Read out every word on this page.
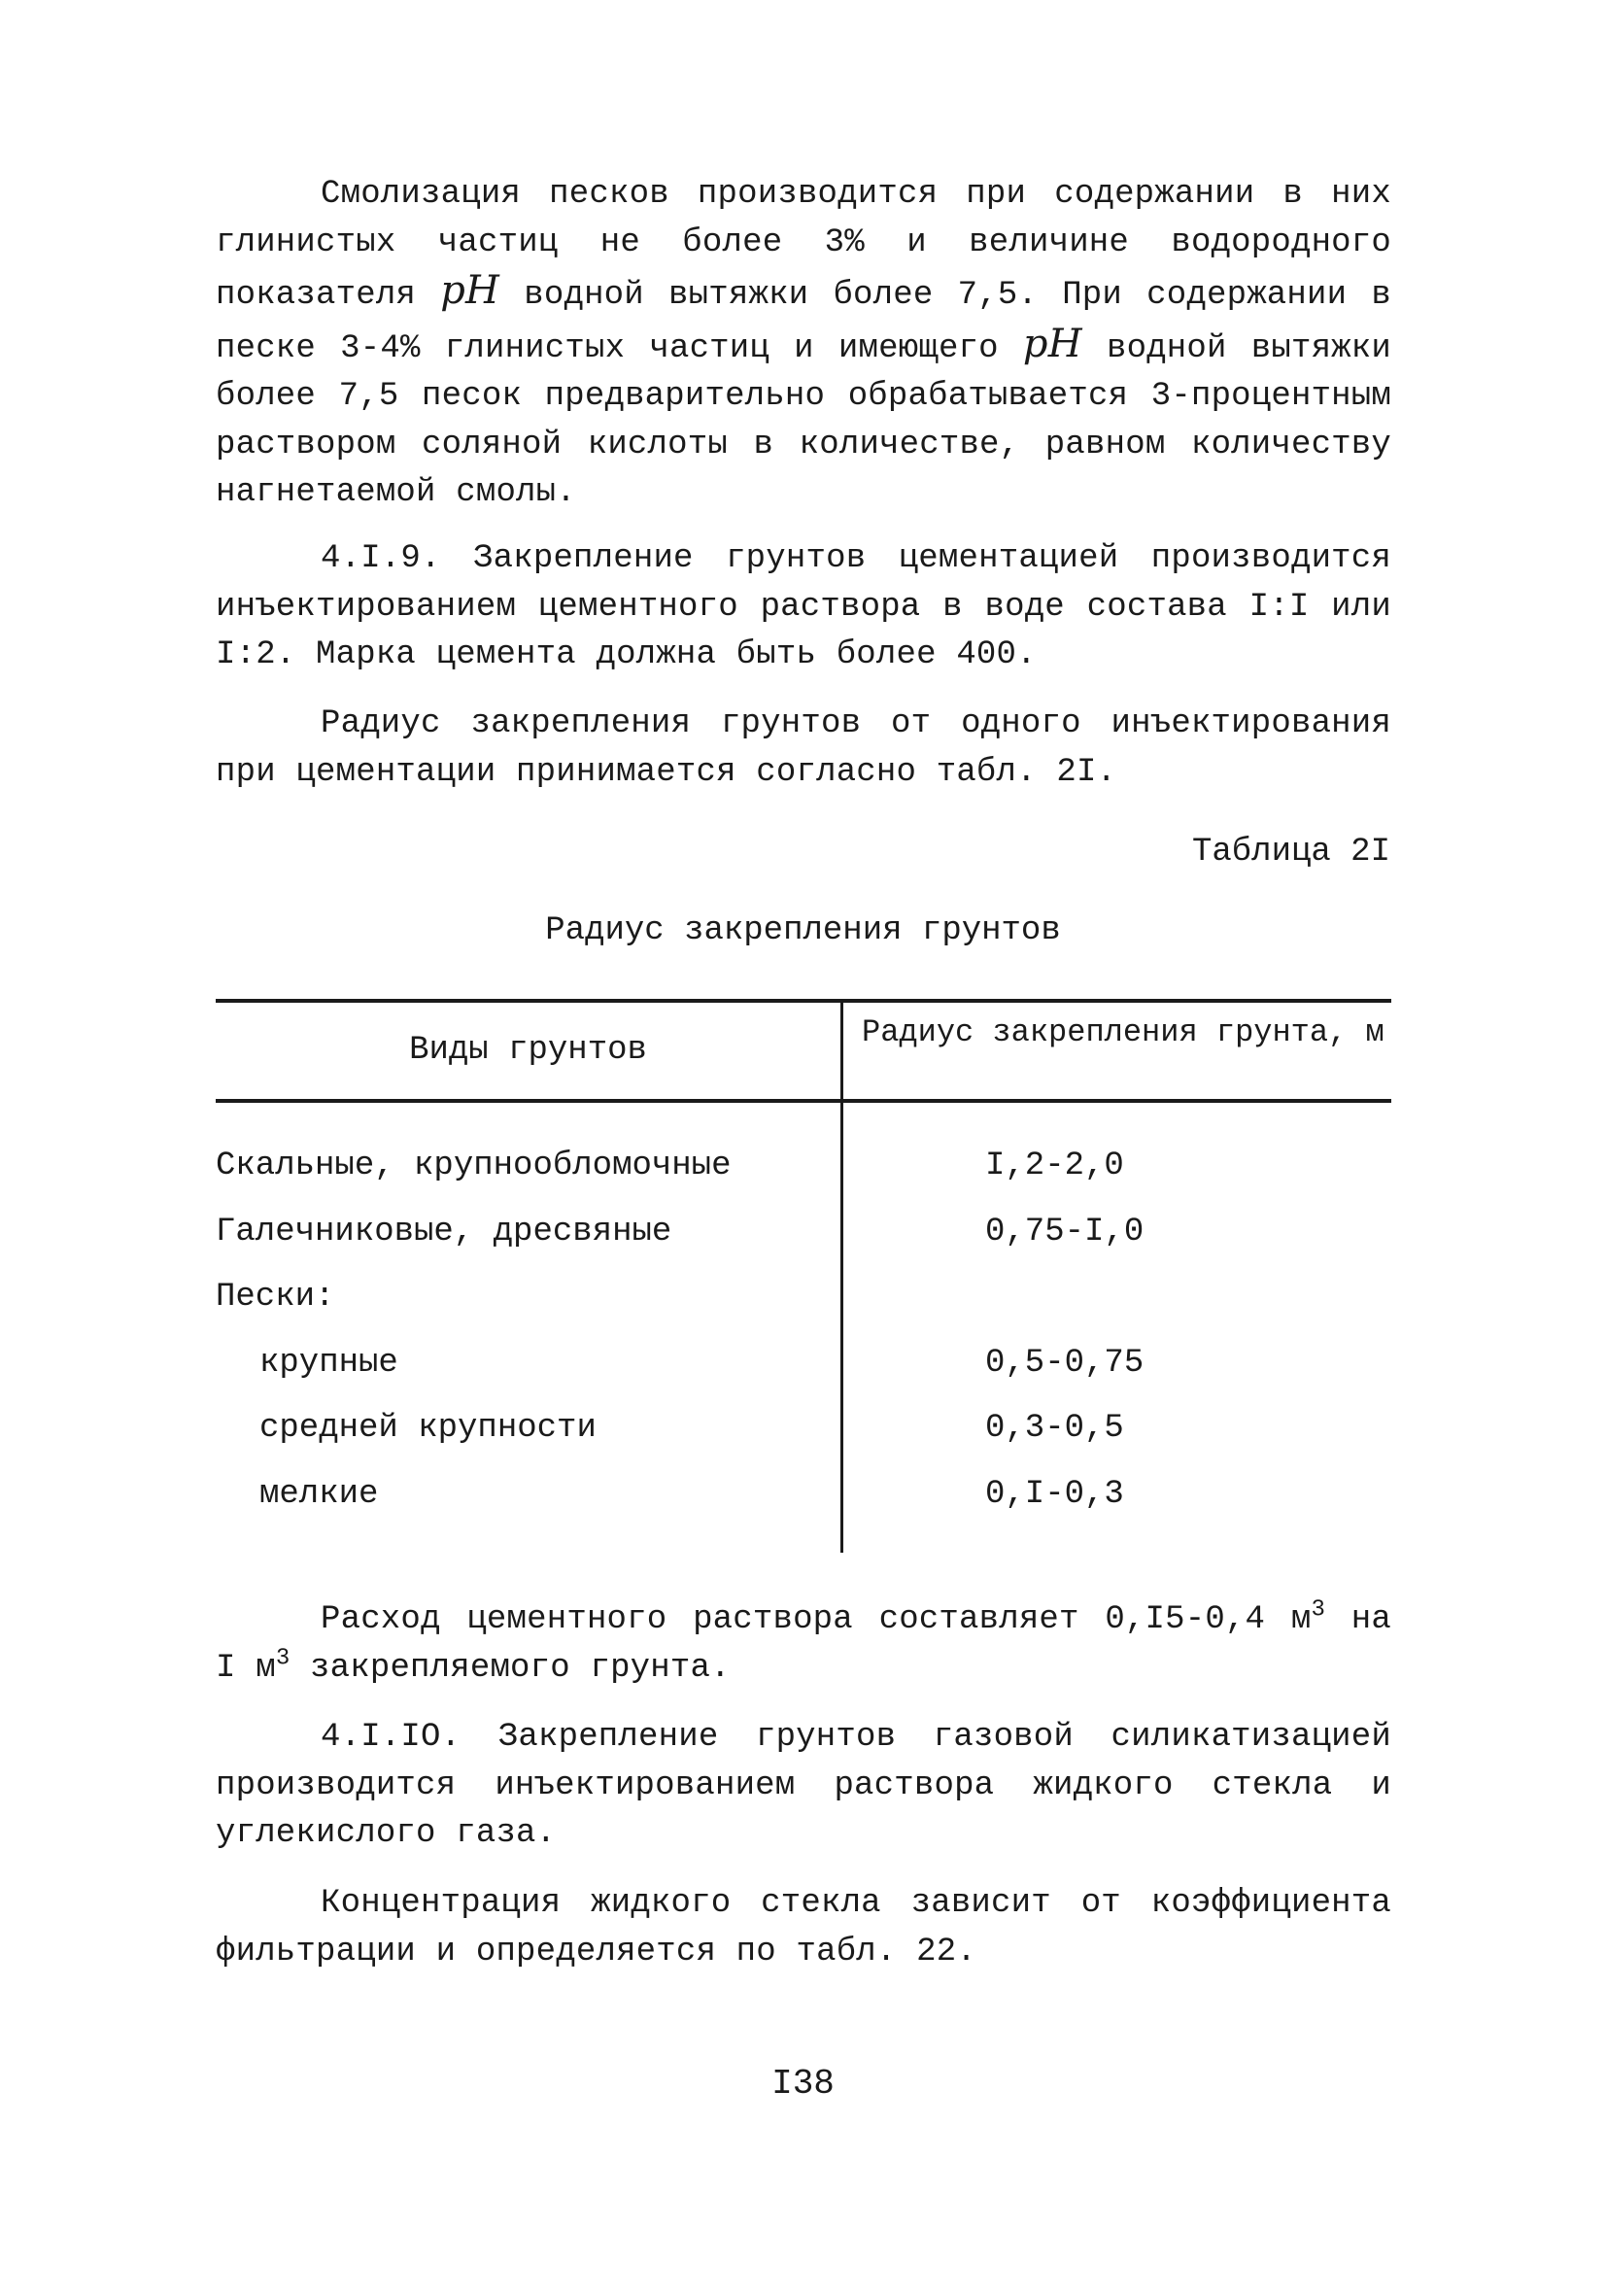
Смолизация песков производится при содержании в них глинистых частиц не более 3% и величине водородного показателя pH водной вытяжки более 7,5. При содержании в песке 3-4% глинистых частиц и имеющего pH водной вытяжки более 7,5 песок предварительно обрабатывается 3-процентным раствором соляной кислоты в количестве, равном количеству нагнетаемой смолы.

4.I.9. Закрепление грунтов цементацией производится инъектированием цементного раствора в воде состава I:I или I:2. Марка цемента должна быть более 400.

Радиус закрепления грунтов от одного инъектирования при цементации принимается согласно табл. 2I.

Таблица 2I
Радиус закрепления грунтов
Виды грунтов	Радиус закрепления грунта, м
Скальные, крупнообломочные	I,2-2,0
Галечниковые, дресвяные	0,75-I,0
Пески:
крупные	0,5-0,75
средней крупности	0,3-0,5
мелкие	0,I-0,3

Расход цементного раствора составляет 0,I5-0,4 $м^3$ на I $м^3$ закрепляемого грунта.

4.I.IO. Закрепление грунтов газовой силикатизацией производится инъектированием раствора жидкого стекла и углекислого газа.

Концентрация жидкого стекла зависит от коэффициента фильтрации и определяется по табл. 22.

I38
